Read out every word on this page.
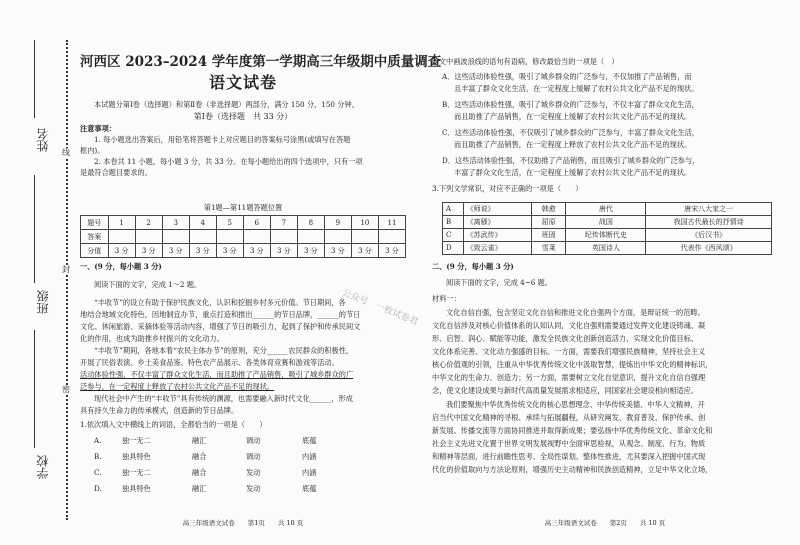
姓名
班级
学校
密
封
线
河西区 2023–2024 学年度第一学期高三年级期中质量调查
语文试卷
本试题分第Ⅰ卷（选择题）和第Ⅱ卷（非选择题）两部分，满分 150 分，150 分钟。
第Ⅰ卷（选择题　共 33 分）
注意事项：
1. 每小题选出答案后，用铅笔将答题卡上对应题目的答案标号涂黑(或填写在答题
框内)。
2. 本卷共 11 小题，每小题 3 分，共 33 分。在每小题给出的四个选项中，只有一项
是最符合题目要求的。
第1题—第11题答题位置
题号	1	2	3	4	5	6	7	8	9	10	11
答案											
分值	3 分	3 分	3 分	3 分	3 分	3 分	3 分	3 分	3 分	3 分	3 分
一、(9 分，每小题 3 分)
阅读下面的文字，完成 1～2 题。
“丰收节”的设立有助于保护民族文化，认识和挖掘乡村多元价值。节日期间，各
地结合地域文化特色，因地制宜办节，重点打造和推出______的节日品牌，______的节日
文化、休闲旅游、采摘体验等活动内容，增强了节日的吸引力，起到了保护和传承民间文
化的作用，也成为助推乡村振兴的文化动力。
“丰收节”期间，各地本着“农民主体办节”的原则，充分______农民群众的积极性，
开展了民俗表演、乡土美食品鉴、特色农产品展示、各类体育竞赛和游戏等活动。
活动体验性强，不仅丰富了群众文化生活，而且助推了产品销售，吸引了城乡群众的广
泛参与，在一定程度上释放了农村公共文化产品不足的现状。
现代社会中产生的“丰收节”具有传统的渊源，也需要融入新时代文化______，形成
具有持久生命力的传承模式，创造新的节日品牌。
1.依次填入文中横线上的词语，全都恰当的一项是（　　）
A.	独一无二	融汇	调动	底蕴
B.	独具特色	融合	调动	内涵
C.	独一无二	融合	发动	内涵
D.	独具特色	融汇	发动	底蕴
高三年级语文试卷　　第1页　　共 10 页
2.文中画波浪线的语句有语病，修改最恰当的一项是（　）
A．这些活动体验性强，吸引了城乡群众的广泛参与，不仅加推了产品销售，而
且丰富了群众文化生活，在一定程度上缓解了农村公共文化产品不足的现状。
B．这些活动体验性强，吸引了城乡群众的广泛参与，不仅丰富了群众文化生活，
而且助推了产品销售，在一定程度上缓解了农村公共文化产品不足的现状。
C．这些活动体验性强，不仅吸引了城乡群众的广泛参与，丰富了群众文化生活，
而且助推了产品销售，在一定程度上释放了农村公共文化产品不足的现状。
D．这些活动体验性强，不仅助推了产品销售，而且吸引了城乡群众的广泛参与，
丰富了群众文化生活，在一定程度上缓解了农村公共文化产品不足的现状。
3.下列文学常识，对应不正确的一项是（　　）
A	《师说》	韩愈	唐代	唐宋八大家之一
B	《离骚》	屈原	战国	我国古代最长的抒情诗
C	《苏武传》	班固	纪传体断代史	《后汉书》
D	《致云雀》	雪莱	英国诗人	代表作《西风颂》
二、(9 分，每小题 3 分)
阅读下面的文字，完成 4~6 题。
材料一：
文化自信自强，包含坚定文化自信和推进文化自强两个方面，是辩证统一的范畴。
文化自信涉及对核心价值体系的认知认同，文化自强则需要通过发挥文化建设铸魂、凝
形、启智、润心、赋能等功能，激发全民族文化创新创造活力，实现文化价值目标、
文化体系完善、文化动力强盛的目标。一方面，需要我们增强民族精神，坚持社会主义
核心价值观的引领，注重从中华优秀传统文化中汲取智慧，提炼出中华文化的精神标识，
中华文化的生命力、创造力；另一方面，需要树立文化自觉意识，提升文化自信自强理
念，使文化建设成果与新时代高质量发展需求相适应，同国家社会建设相向相适应。
我们要聚焦中华优秀传统文化的核心思想理念、中华传统美德、中华人文精神，开
启当代中国文化精神的寻根、承续与拓展疆程，从研究阐发、教育普及、保护传承、创
新发展、传播交流等方面协同推进并取得新成果；要弘扬中华优秀传统文化、革命文化和
社会主义先进文化置于世界文明发展视野中全面审思检视，从观念、制度、行为、物质
和精神等层面，进行前瞻性思考、全局性谋划、整体性推进，尤其要深入把握中国式现
代化的价值取向与方法论原则，增强历史主动精神和民族创造精神，立足中华文化立场，
高三年级语文试卷　　第2页　　共 10 页
公众号　一枚试卷君
